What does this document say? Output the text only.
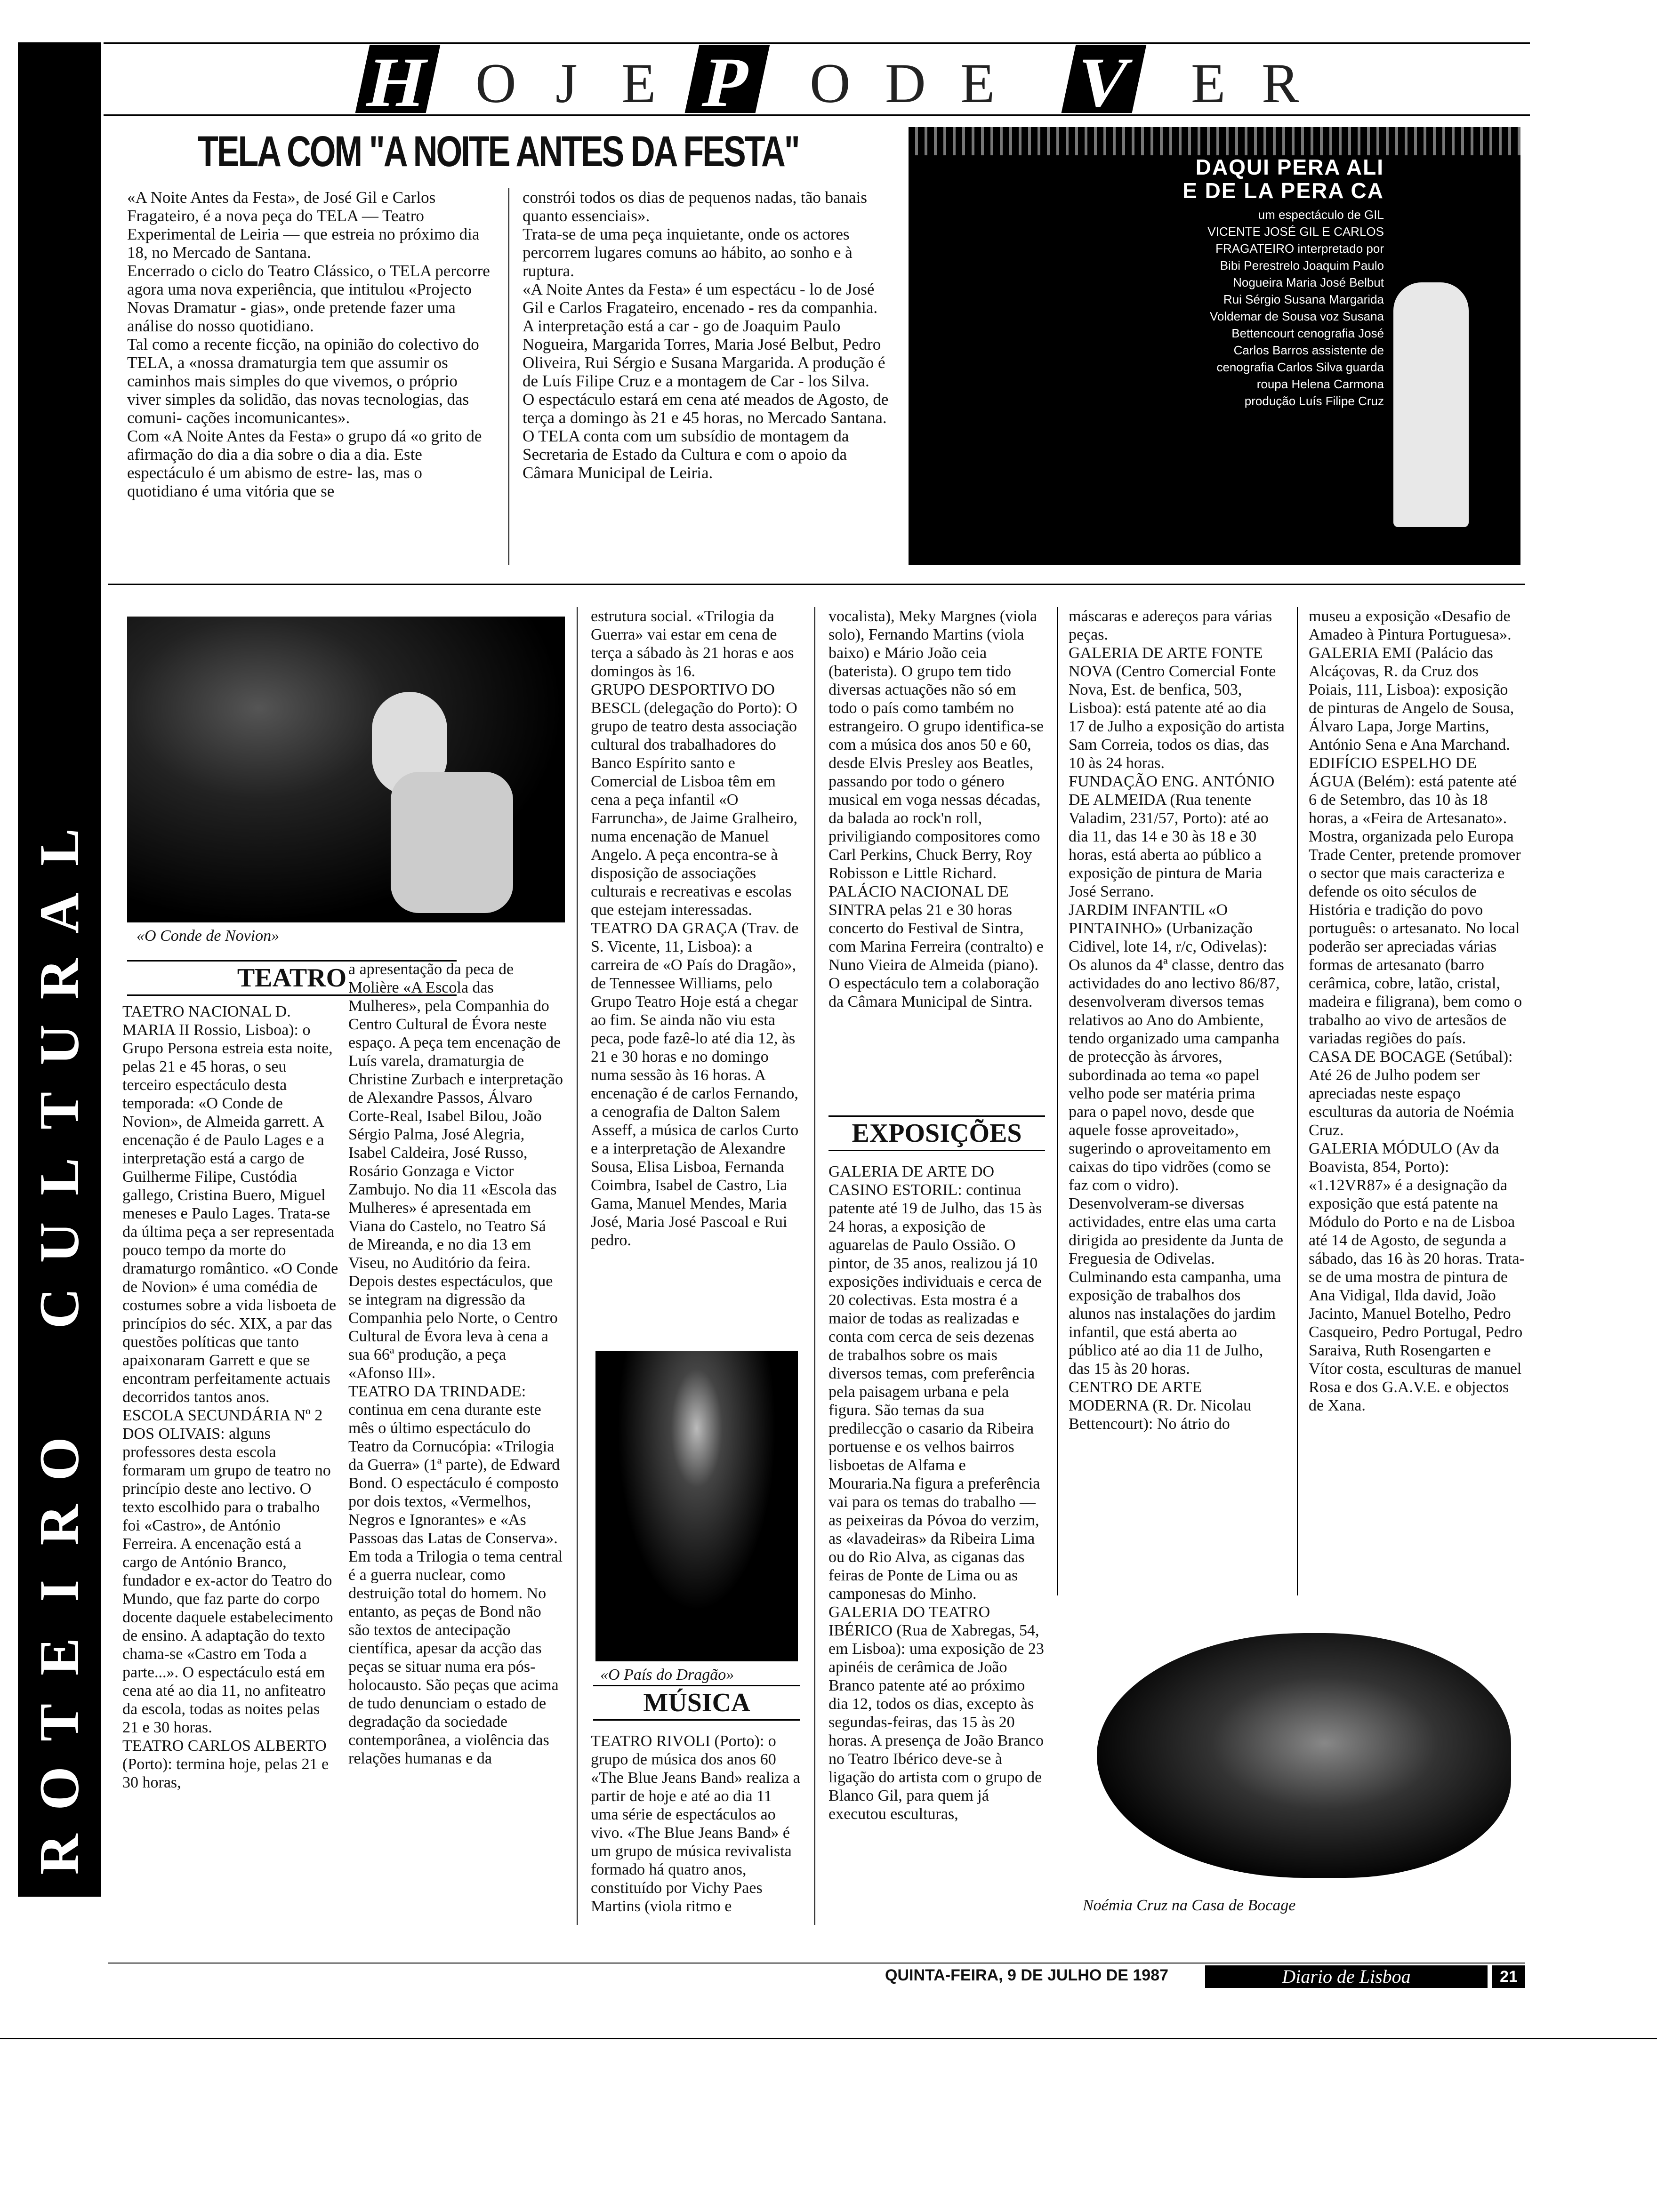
H O J E P O D E V E R
R
O
T
E
I
R
O
C
U
L
T
U
R
A
L
TELA COM "A NOITE ANTES DA FESTA"
«A Noite Antes da Festa», de José Gil e Carlos Fragateiro, é a nova peça do TELA — Teatro Experimental de Leiria — que estreia no próximo dia 18, no Mercado de Santana.
Encerrado o ciclo do Teatro Clássico, o TELA percorre agora uma nova experiência, que intitulou «Projecto Novas Dramatur - gias», onde pretende fazer uma análise do nosso quotidiano.
Tal como a recente ficção, na opinião do colectivo do TELA, a «nossa dramaturgia tem que assumir os caminhos mais simples do que vivemos, o próprio viver simples da solidão, das novas tecnologias, das comuni- cações incomunicantes».
Com «A Noite Antes da Festa» o grupo dá «o grito de afirmação do dia a dia sobre o dia a dia. Este espectáculo é um abismo de estre- las, mas o quotidiano é uma vitória que se
constrói todos os dias de pequenos nadas, tão banais quanto essenciais».
Trata-se de uma peça inquietante, onde os actores percorrem lugares comuns ao hábito, ao sonho e à ruptura.
«A Noite Antes da Festa» é um espectácu - lo de José Gil e Carlos Fragateiro, encenado - res da companhia. A interpretação está a car - go de Joaquim Paulo Nogueira, Margarida Torres, Maria José Belbut, Pedro Oliveira, Rui Sérgio e Susana Margarida. A produção é de Luís Filipe Cruz e a montagem de Car - los Silva.
O espectáculo estará em cena até meados de Agosto, de terça a domingo às 21 e 45 horas, no Mercado Santana. O TELA conta com um subsídio de montagem da Secretaria de Estado da Cultura e com o apoio da Câmara Municipal de Leiria.
DAQUI PERA ALI
E DE LA PERA CA
um espectáculo de GIL
VICENTE JOSÉ GIL E CARLOS
FRAGATEIRO interpretado por
Bibi Perestrelo Joaquim Paulo
Nogueira Maria José Belbut
Rui Sérgio Susana Margarida
Voldemar de Sousa voz Susana
Bettencourt cenografia José
Carlos Barros assistente de
cenografia Carlos Silva guarda
roupa Helena Carmona
produção Luís Filipe Cruz
«O Conde de Novion»
TEATRO
TAETRO NACIONAL D. MARIA II Rossio, Lisboa): o Grupo Persona estreia esta noite, pelas 21 e 45 horas, o seu terceiro espectáculo desta temporada: «O Conde de Novion», de Almeida garrett. A encenação é de Paulo Lages e a interpretação está a cargo de Guilherme Filipe, Custódia gallego, Cristina Buero, Miguel meneses e Paulo Lages. Trata-se da última peça a ser representada pouco tempo da morte do dramaturgo romântico. «O Conde de Novion» é uma comédia de costumes sobre a vida lisboeta de princípios do séc. XIX, a par das questões políticas que tanto apaixonaram Garrett e que se encontram perfeitamente actuais decorridos tantos anos.
ESCOLA SECUNDÁRIA Nº 2 DOS OLIVAIS: alguns professores desta escola formaram um grupo de teatro no princípio deste ano lectivo. O texto escolhido para o trabalho foi «Castro», de António Ferreira. A encenação está a cargo de António Branco, fundador e ex-actor do Teatro do Mundo, que faz parte do corpo docente daquele estabelecimento de ensino. A adaptação do texto chama-se «Castro em Toda a parte...». O espectáculo está em cena até ao dia 11, no anfiteatro da escola, todas as noites pelas 21 e 30 horas.
TEATRO CARLOS ALBERTO (Porto): termina hoje, pelas 21 e 30 horas,
a apresentação da peca de Molière «A Escola das Mulheres», pela Companhia do Centro Cultural de Évora neste espaço. A peça tem encenação de Luís varela, dramaturgia de Christine Zurbach e interpretação de Alexandre Passos, Álvaro Corte-Real, Isabel Bilou, João Sérgio Palma, José Alegria, Isabel Caldeira, José Russo, Rosário Gonzaga e Victor Zambujo. No dia 11 «Escola das Mulheres» é apresentada em Viana do Castelo, no Teatro Sá de Mireanda, e no dia 13 em Viseu, no Auditório da feira. Depois destes espectáculos, que se integram na digressão da Companhia pelo Norte, o Centro Cultural de Évora leva à cena a sua 66ª produção, a peça «Afonso III».
TEATRO DA TRINDADE: continua em cena durante este mês o último espectáculo do Teatro da Cornucópia: «Trilogia da Guerra» (1ª parte), de Edward Bond. O espectáculo é composto por dois textos, «Vermelhos, Negros e Ignorantes» e «As Passoas das Latas de Conserva». Em toda a Trilogia o tema central é a guerra nuclear, como destruição total do homem. No entanto, as peças de Bond não são textos de antecipação científica, apesar da acção das peças se situar numa era pós-holocausto. São peças que acima de tudo denunciam o estado de degradação da sociedade contemporânea, a violência das relações humanas e da
estrutura social. «Trilogia da Guerra» vai estar em cena de terça a sábado às 21 horas e aos domingos às 16.
GRUPO DESPORTIVO DO BESCL (delegação do Porto): O grupo de teatro desta associação cultural dos trabalhadores do Banco Espírito santo e Comercial de Lisboa têm em cena a peça infantil «O Farruncha», de Jaime Gralheiro, numa encenação de Manuel Angelo. A peça encontra-se à disposição de associações culturais e recreativas e escolas que estejam interessadas.
TEATRO DA GRAÇA (Trav. de S. Vicente, 11, Lisboa): a carreira de «O País do Dragão», de Tennessee Williams, pelo Grupo Teatro Hoje está a chegar ao fim. Se ainda não viu esta peca, pode fazê-lo até dia 12, às 21 e 30 horas e no domingo numa sessão às 16 horas. A encenação é de carlos Fernando, a cenografia de Dalton Salem Asseff, a música de carlos Curto e a interpretação de Alexandre Sousa, Elisa Lisboa, Fernanda Coimbra, Isabel de Castro, Lia Gama, Manuel Mendes, Maria José, Maria José Pascoal e Rui pedro.
«O País do Dragão»
MÚSICA
TEATRO RIVOLI (Porto): o grupo de música dos anos 60 «The Blue Jeans Band» realiza a partir de hoje e até ao dia 11 uma série de espectáculos ao vivo. «The Blue Jeans Band» é um grupo de música revivalista formado há quatro anos, constituído por Vichy Paes Martins (viola ritmo e
vocalista), Meky Margnes (viola solo), Fernando Martins (viola baixo) e Mário João ceia (baterista). O grupo tem tido diversas actuações não só em todo o país como também no estrangeiro. O grupo identifica-se com a música dos anos 50 e 60, desde Elvis Presley aos Beatles, passando por todo o género musical em voga nessas décadas, da balada ao rock'n roll, priviligiando compositores como Carl Perkins, Chuck Berry, Roy Robisson e Little Richard.
PALÁCIO NACIONAL DE SINTRA pelas 21 e 30 horas concerto do Festival de Sintra, com Marina Ferreira (contralto) e Nuno Vieira de Almeida (piano). O espectáculo tem a colaboração da Câmara Municipal de Sintra.
EXPOSIÇÕES
GALERIA DE ARTE DO CASINO ESTORIL: continua patente até 19 de Julho, das 15 às 24 horas, a exposição de aguarelas de Paulo Ossião. O pintor, de 35 anos, realizou já 10 exposições individuais e cerca de 20 colectivas. Esta mostra é a maior de todas as realizadas e conta com cerca de seis dezenas de trabalhos sobre os mais diversos temas, com preferência pela paisagem urbana e pela figura. São temas da sua predilecção o casario da Ribeira portuense e os velhos bairros lisboetas de Alfama e Mouraria.Na figura a preferência vai para os temas do trabalho — as peixeiras da Póvoa do verzim, as «lavadeiras» da Ribeira Lima ou do Rio Alva, as ciganas das feiras de Ponte de Lima ou as camponesas do Minho.
GALERIA DO TEATRO IBÉRICO (Rua de Xabregas, 54, em Lisboa): uma exposição de 23 apinéis de cerâmica de João Branco patente até ao próximo dia 12, todos os dias, excepto às segundas-feiras, das 15 às 20 horas. A presença de João Branco no Teatro Ibérico deve-se à ligação do artista com o grupo de Blanco Gil, para quem já executou esculturas,
máscaras e adereços para várias peças.
GALERIA DE ARTE FONTE NOVA (Centro Comercial Fonte Nova, Est. de benfica, 503, Lisboa): está patente até ao dia 17 de Julho a exposição do artista Sam Correia, todos os dias, das 10 às 24 horas.
FUNDAÇÃO ENG. ANTÓNIO DE ALMEIDA (Rua tenente Valadim, 231/57, Porto): até ao dia 11, das 14 e 30 às 18 e 30 horas, está aberta ao público a exposição de pintura de Maria José Serrano.
JARDIM INFANTIL «O PINTAINHO» (Urbanização Cidivel, lote 14, r/c, Odivelas): Os alunos da 4ª classe, dentro das actividades do ano lectivo 86/87, desenvolveram diversos temas relativos ao Ano do Ambiente, tendo organizado uma campanha de protecção às árvores, subordinada ao tema «o papel velho pode ser matéria prima para o papel novo, desde que aquele fosse aproveitado», sugerindo o aproveitamento em caixas do tipo vidrões (como se faz com o vidro). Desenvolveram-se diversas actividades, entre elas uma carta dirigida ao presidente da Junta de Freguesia de Odivelas. Culminando esta campanha, uma exposição de trabalhos dos alunos nas instalações do jardim infantil, que está aberta ao público até ao dia 11 de Julho, das 15 às 20 horas.
CENTRO DE ARTE MODERNA (R. Dr. Nicolau Bettencourt): No átrio do
museu a exposição «Desafio de Amadeo à Pintura Portuguesa».
GALERIA EMI (Palácio das Alcáçovas, R. da Cruz dos Poiais, 111, Lisboa): exposição de pinturas de Angelo de Sousa, Álvaro Lapa, Jorge Martins, António Sena e Ana Marchand.
EDIFÍCIO ESPELHO DE ÁGUA (Belém): está patente até 6 de Setembro, das 10 às 18 horas, a «Feira de Artesanato». Mostra, organizada pelo Europa Trade Center, pretende promover o sector que mais caracteriza e defende os oito séculos de História e tradição do povo português: o artesanato. No local poderão ser apreciadas várias formas de artesanato (barro cerâmica, cobre, latão, cristal, madeira e filigrana), bem como o trabalho ao vivo de artesãos de variadas regiões do país.
CASA DE BOCAGE (Setúbal): Até 26 de Julho podem ser apreciadas neste espaço esculturas da autoria de Noémia Cruz.
GALERIA MÓDULO (Av da Boavista, 854, Porto): «1.12VR87» é a designação da exposição que está patente na Módulo do Porto e na de Lisboa até 14 de Agosto, de segunda a sábado, das 16 às 20 horas. Trata-se de uma mostra de pintura de Ana Vidigal, Ilda david, João Jacinto, Manuel Botelho, Pedro Casqueiro, Pedro Portugal, Pedro Saraiva, Ruth Rosengarten e Vítor costa, esculturas de manuel Rosa e dos G.A.V.E. e objectos de Xana.
Noémia Cruz na Casa de Bocage
QUINTA-FEIRA, 9 DE JULHO DE 1987	Diario de Lisboa	21
